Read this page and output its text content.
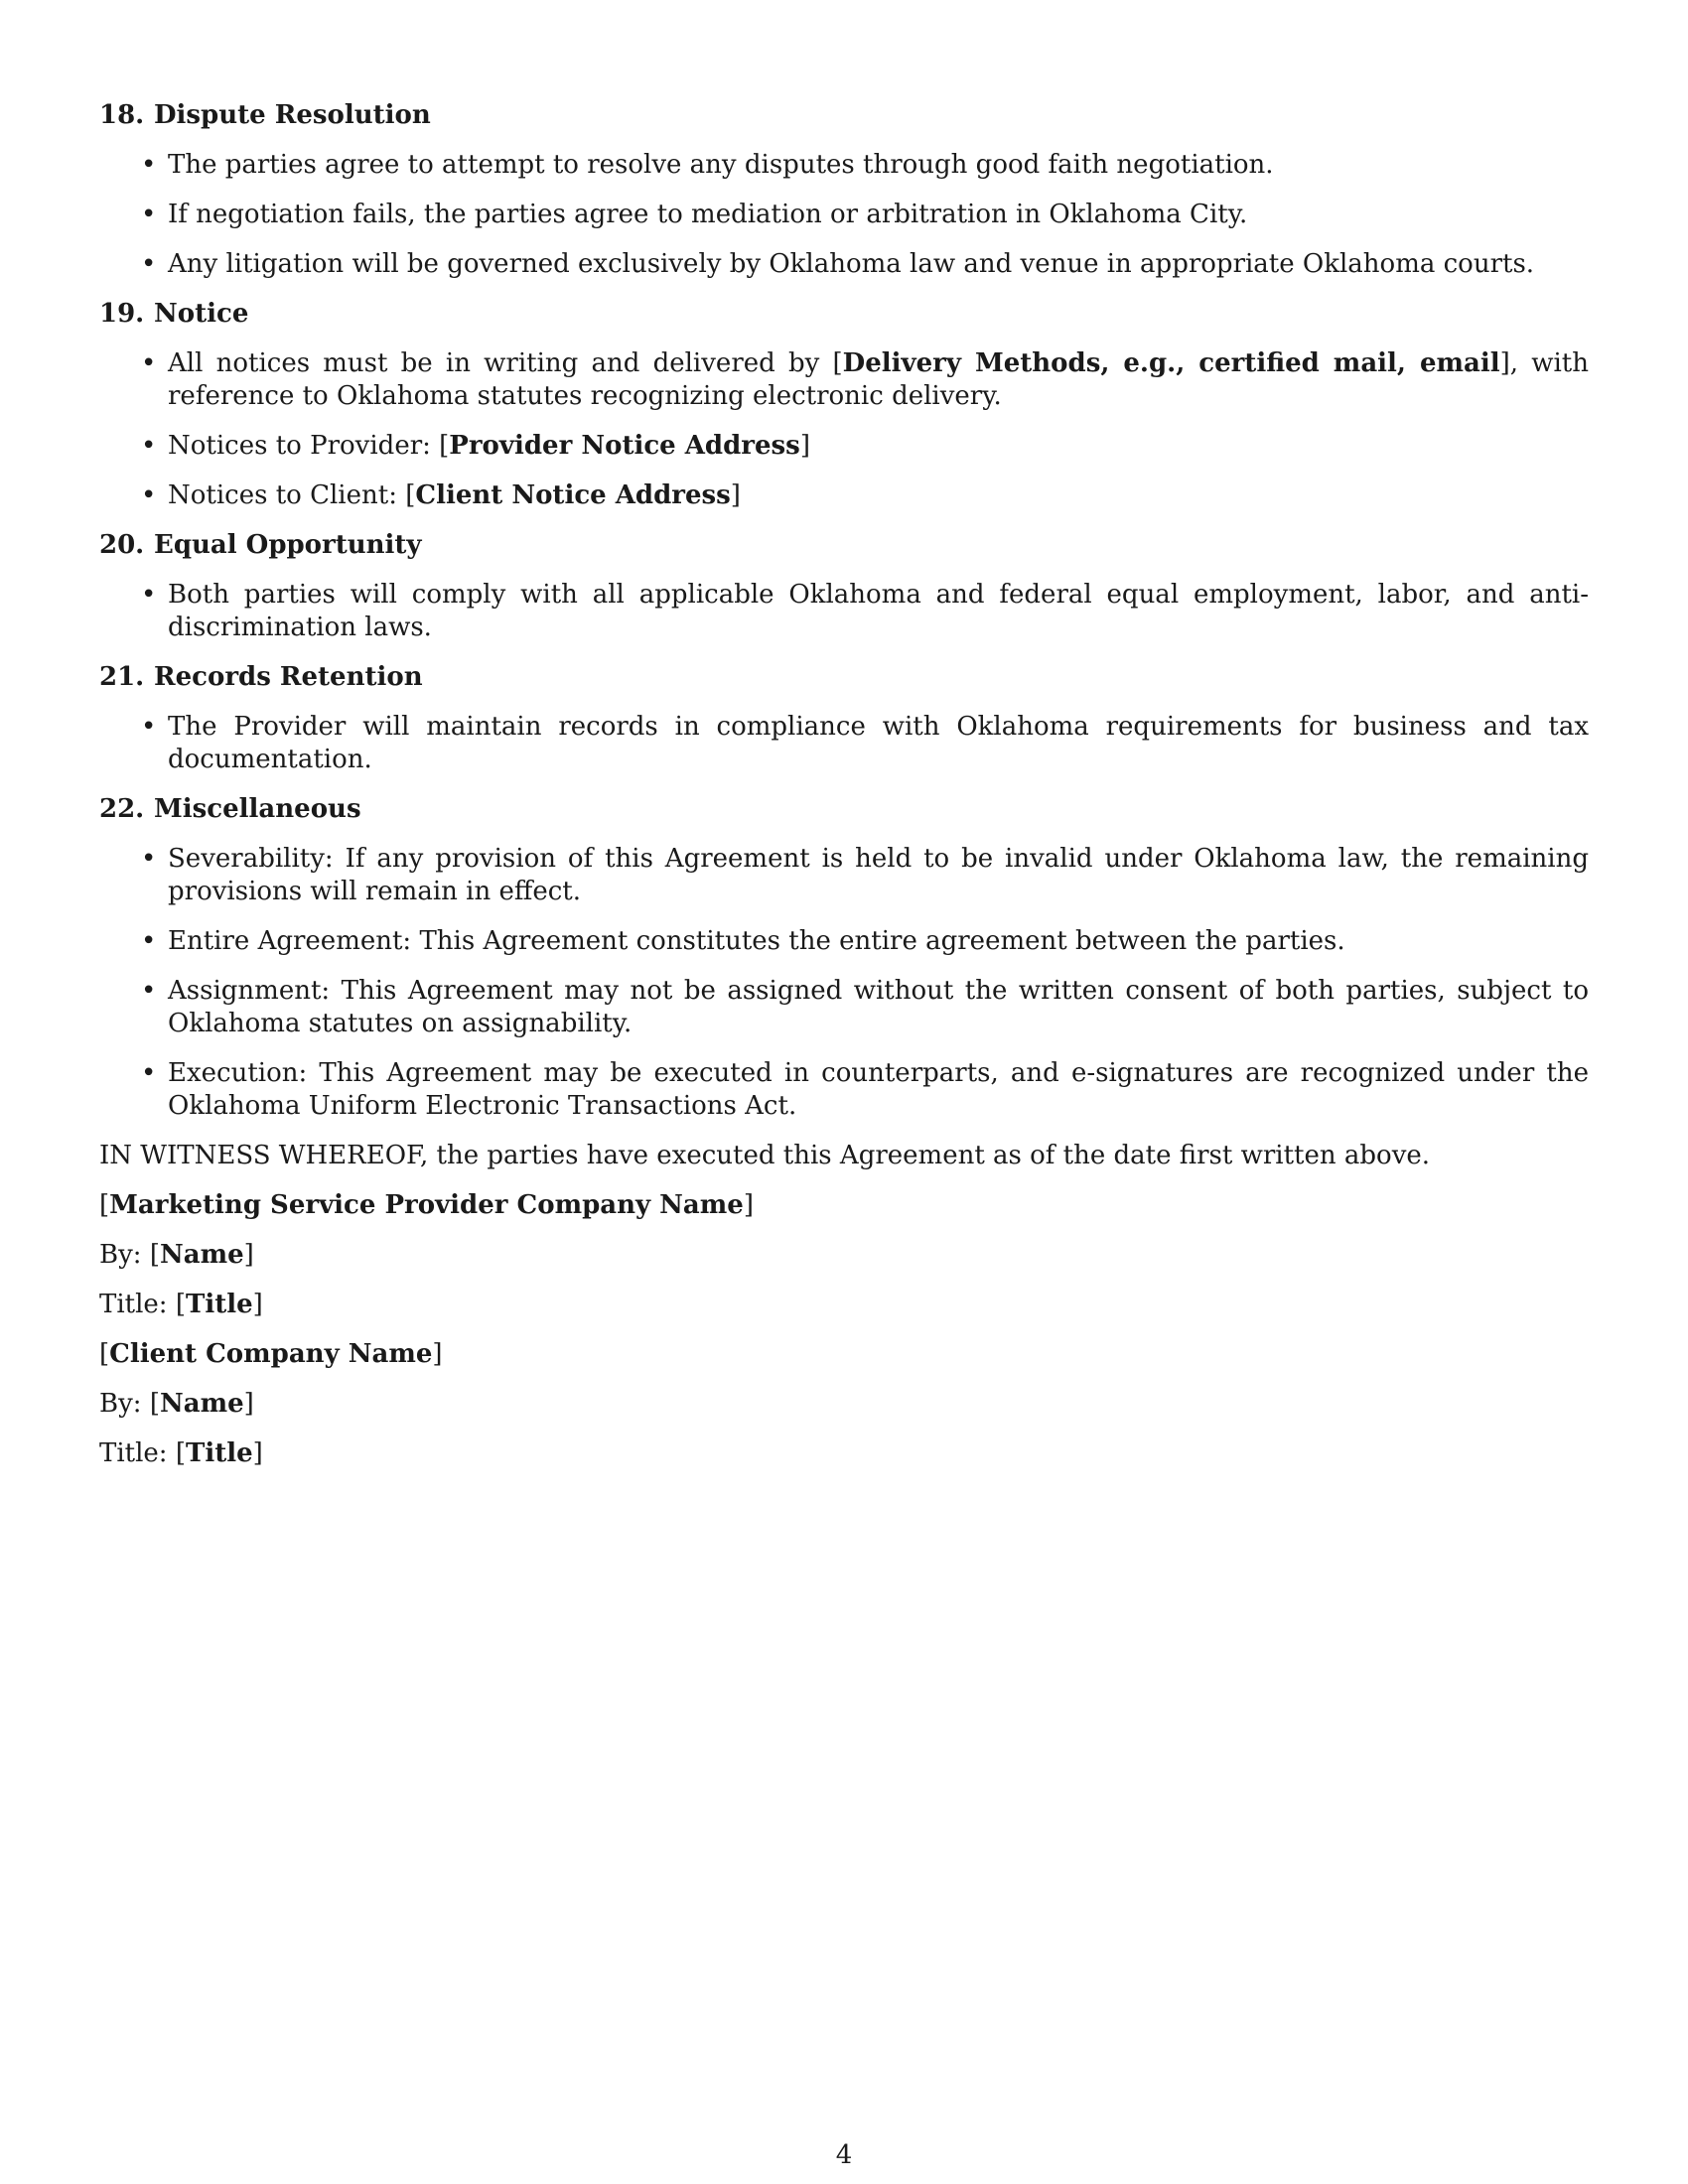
18. Dispute Resolution
• The parties agree to attempt to resolve any disputes through good faith negotiation.
• If negotiation fails, the parties agree to mediation or arbitration in Oklahoma City.
• Any litigation will be governed exclusively by Oklahoma law and venue in appropriate Oklahoma courts.
19. Notice
• All notices must be in writing and delivered by [Delivery Methods, e.g., certified mail, email], with reference to Oklahoma statutes recognizing electronic delivery.
• Notices to Provider: [Provider Notice Address]
• Notices to Client: [Client Notice Address]
20. Equal Opportunity
• Both parties will comply with all applicable Oklahoma and federal equal employment, labor, and anti-discrimination laws.
21. Records Retention
• The Provider will maintain records in compliance with Oklahoma requirements for business and tax documentation.
22. Miscellaneous
• Severability: If any provision of this Agreement is held to be invalid under Oklahoma law, the remaining provisions will remain in effect.
• Entire Agreement: This Agreement constitutes the entire agreement between the parties.
• Assignment: This Agreement may not be assigned without the written consent of both parties, subject to Oklahoma statutes on assignability.
• Execution: This Agreement may be executed in counterparts, and e-signatures are recognized under the Oklahoma Uniform Electronic Transactions Act.

IN WITNESS WHEREOF, the parties have executed this Agreement as of the date first written above.

[Marketing Service Provider Company Name]

By: [Name]

Title: [Title]

[Client Company Name]

By: [Name]

Title: [Title]

4
